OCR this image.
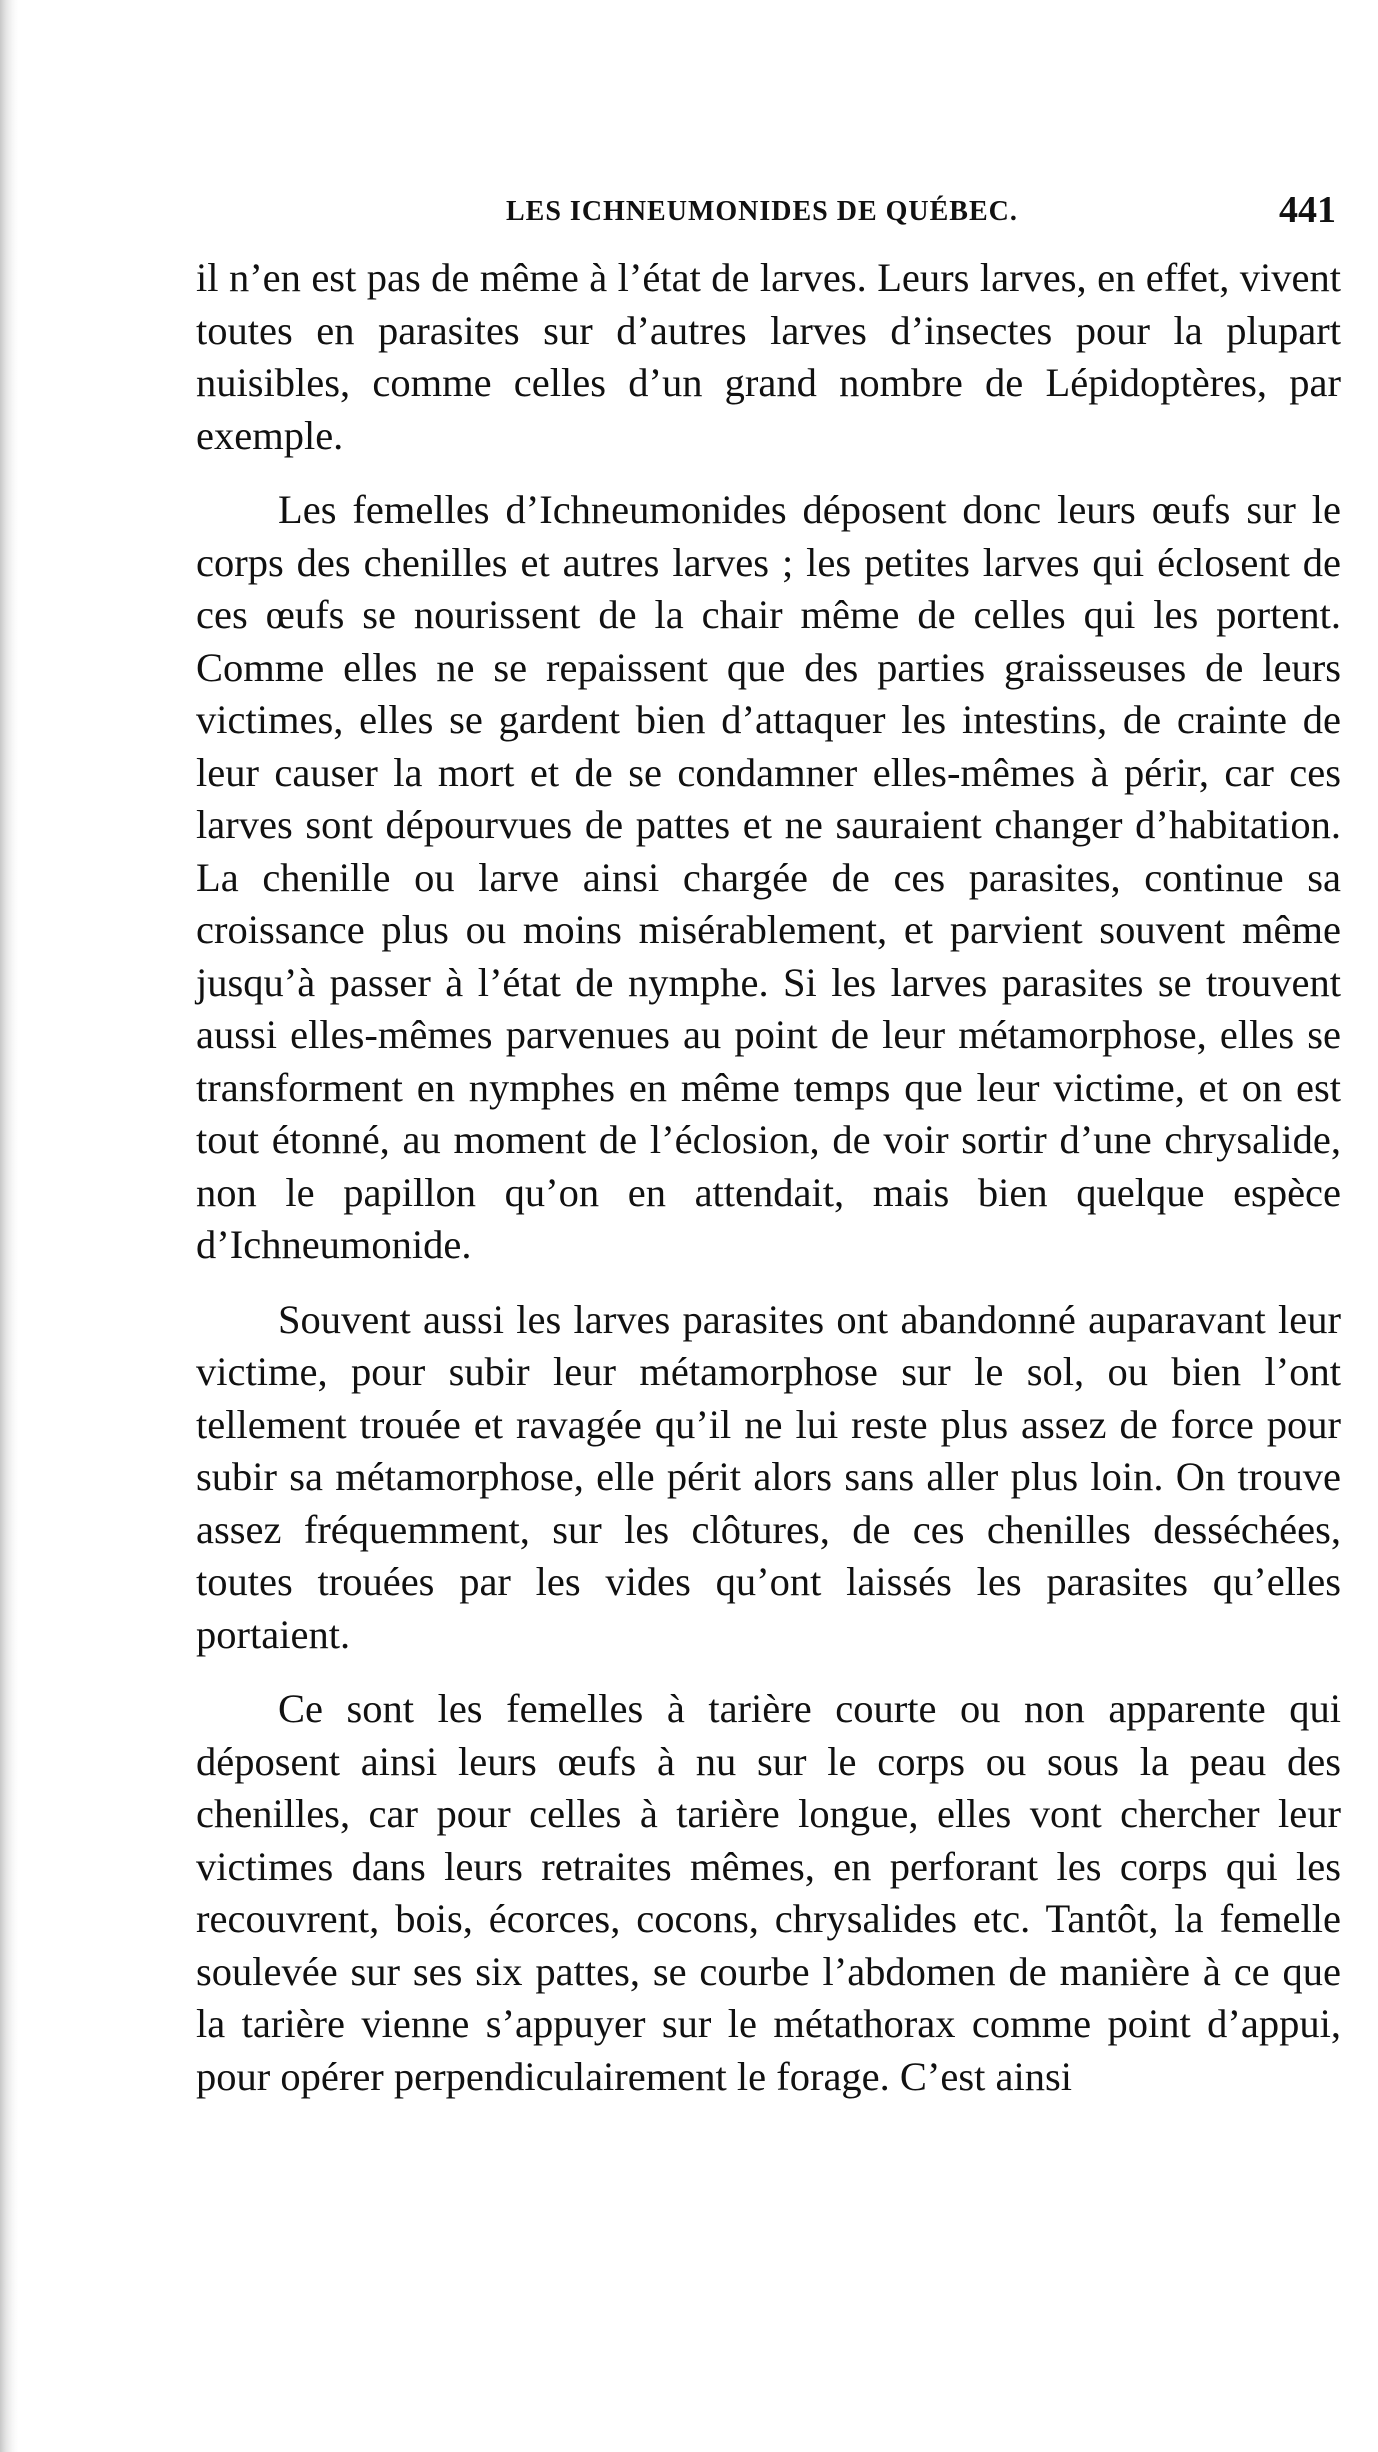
LES ICHNEUMONIDES DE QUÉBEC.	441

il n’en est pas de même à l’état de larves. Leurs larves, en effet, vivent toutes en parasites sur d’autres larves d’insectes pour la plupart nuisibles, comme celles d’un grand nombre de Lépidoptères, par exemple.

Les femelles d’Ichneumonides déposent donc leurs œufs sur le corps des chenilles et autres larves ; les petites larves qui éclosent de ces œufs se nourissent de la chair même de celles qui les portent. Comme elles ne se repaissent que des parties graisseuses de leurs victimes, elles se gardent bien d’attaquer les intestins, de crainte de leur causer la mort et de se condamner elles-mêmes à périr, car ces larves sont dépourvues de pattes et ne sauraient changer d’habitation. La chenille ou larve ainsi chargée de ces parasites, continue sa croissance plus ou moins misérablement, et parvient souvent même jusqu’à passer à l’état de nymphe. Si les larves parasites se trouvent aussi elles-mêmes parvenues au point de leur métamorphose, elles se transforment en nymphes en même temps que leur victime, et on est tout étonné, au moment de l’éclosion, de voir sortir d’une chrysalide, non le papillon qu’on en attendait, mais bien quelque espèce d’Ichneumonide.

Souvent aussi les larves parasites ont abandonné auparavant leur victime, pour subir leur métamorphose sur le sol, ou bien l’ont tellement trouée et ravagée qu’il ne lui reste plus assez de force pour subir sa métamorphose, elle périt alors sans aller plus loin. On trouve assez fréquemment, sur les clôtures, de ces chenilles desséchées, toutes trouées par les vides qu’ont laissés les parasites qu’elles portaient.

Ce sont les femelles à tarière courte ou non apparente qui déposent ainsi leurs œufs à nu sur le corps ou sous la peau des chenilles, car pour celles à tarière longue, elles vont chercher leur victimes dans leurs retraites mêmes, en perforant les corps qui les recouvrent, bois, écorces, cocons, chrysalides etc. Tantôt, la femelle soulevée sur ses six pattes, se courbe l’abdomen de manière à ce que la tarière vienne s’appuyer sur le métathorax comme point d’appui, pour opérer perpendiculairement le forage. C’est ainsi
